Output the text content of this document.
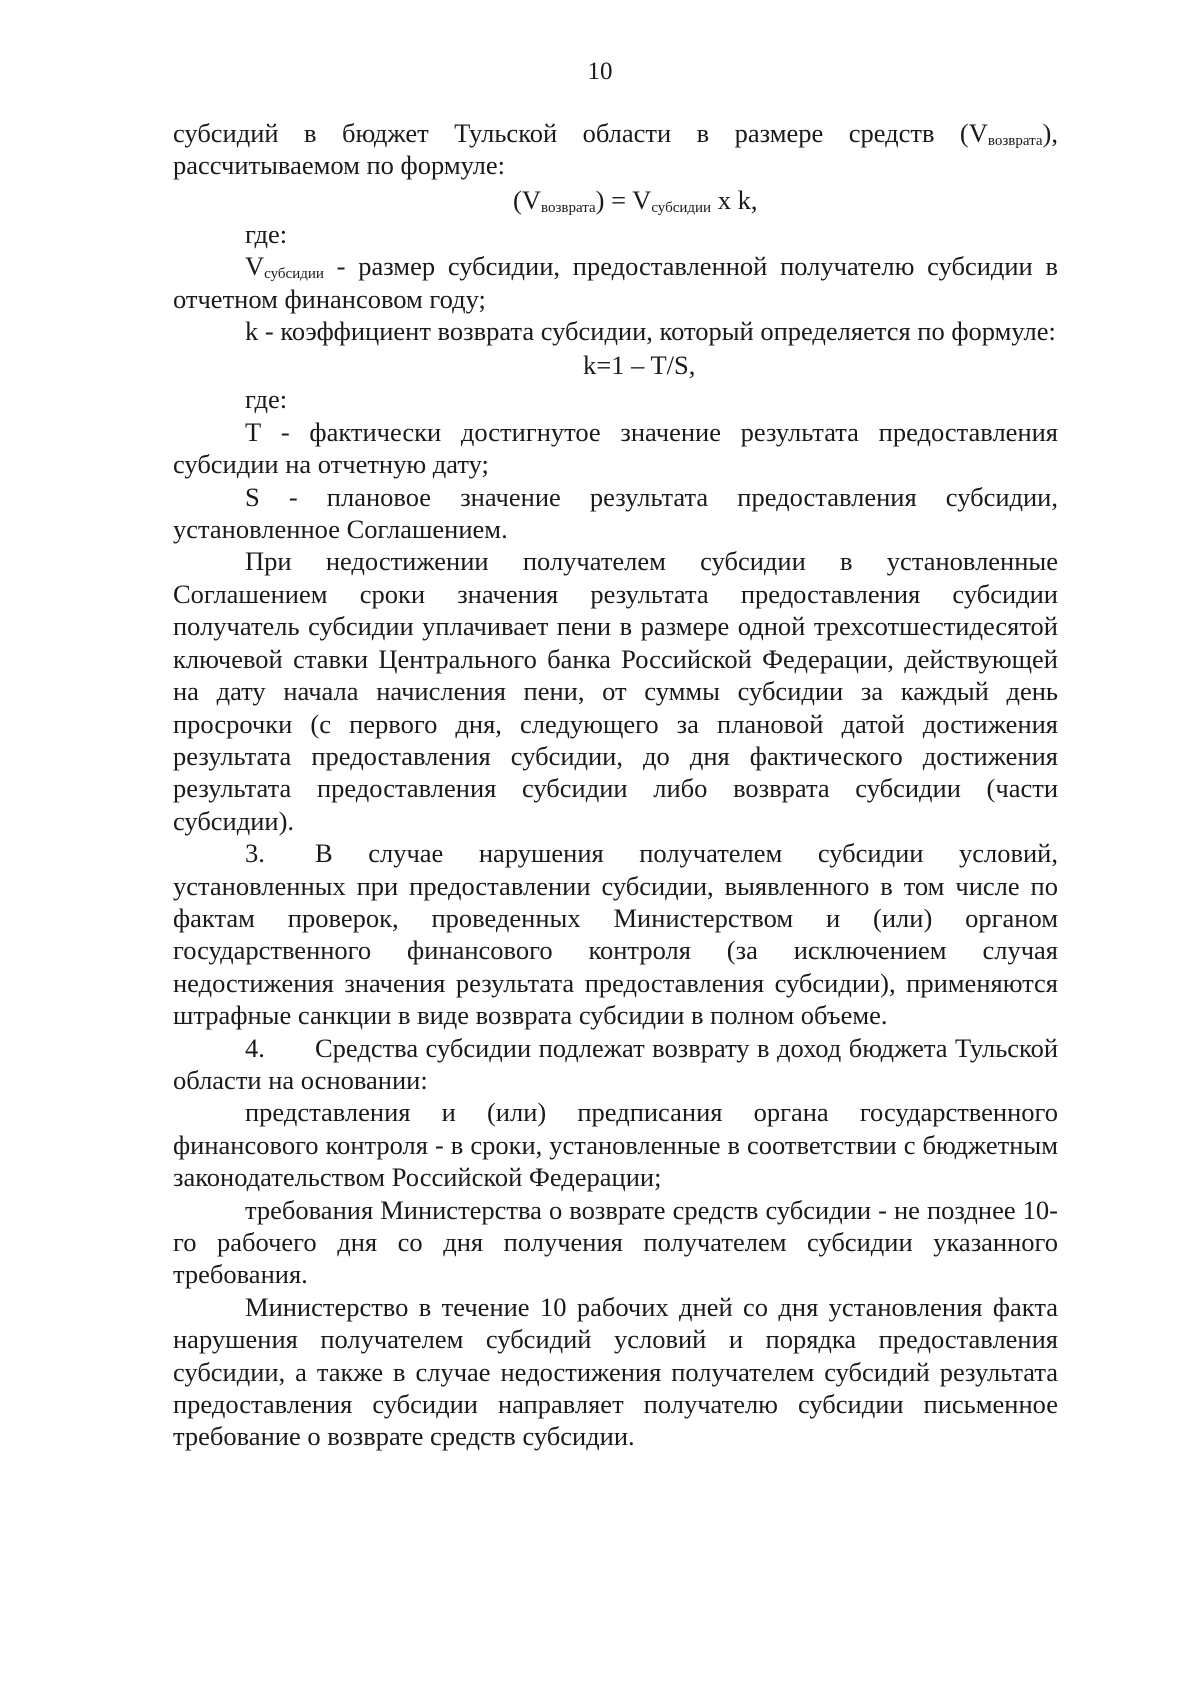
10

субсидий в бюджет Тульской области в размере средств $(V_{возврата})$,

рассчитываемом по формуле:

$(V_{возврата}) = V_{субсидии}$ x k,

где:

$V_{субсидии}$ - размер субсидии, предоставленной получателю субсидии в отчетном финансовом году;

k - коэффициент возврата субсидии, который определяется по формуле:

k=1 – T/S,

где:

Т - фактически достигнутое значение результата предоставления субсидии на отчетную дату;

S - плановое значение результата предоставления субсидии, установленное Соглашением.

При недостижении получателем субсидии в установленные Соглашением сроки значения результата предоставления субсидии получатель субсидии уплачивает пени в размере одной трехсотшестидесятой ключевой ставки Центрального банка Российской Федерации, действующей на дату начала начисления пени, от суммы субсидии за каждый день просрочки (с первого дня, следующего за плановой датой достижения результата предоставления субсидии, до дня фактического достижения результата предоставления субсидии либо возврата субсидии (части субсидии).

3. В случае нарушения получателем субсидии условий, установленных при предоставлении субсидии, выявленного в том числе по фактам проверок, проведенных Министерством и (или) органом государственного финансового контроля (за исключением случая недостижения значения результата предоставления субсидии), применяются штрафные санкции в виде возврата субсидии в полном объеме.

4. Средства субсидии подлежат возврату в доход бюджета Тульской области на основании:

представления и (или) предписания органа государственного финансового контроля - в сроки, установленные в соответствии с бюджетным законодательством Российской Федерации;

требования Министерства о возврате средств субсидии - не позднее 10-го рабочего дня со дня получения получателем субсидии указанного требования.

Министерство в течение 10 рабочих дней со дня установления факта нарушения получателем субсидий условий и порядка предоставления субсидии, а также в случае недостижения получателем субсидий результата предоставления субсидии направляет получателю субсидии письменное требование о возврате средств субсидии.
